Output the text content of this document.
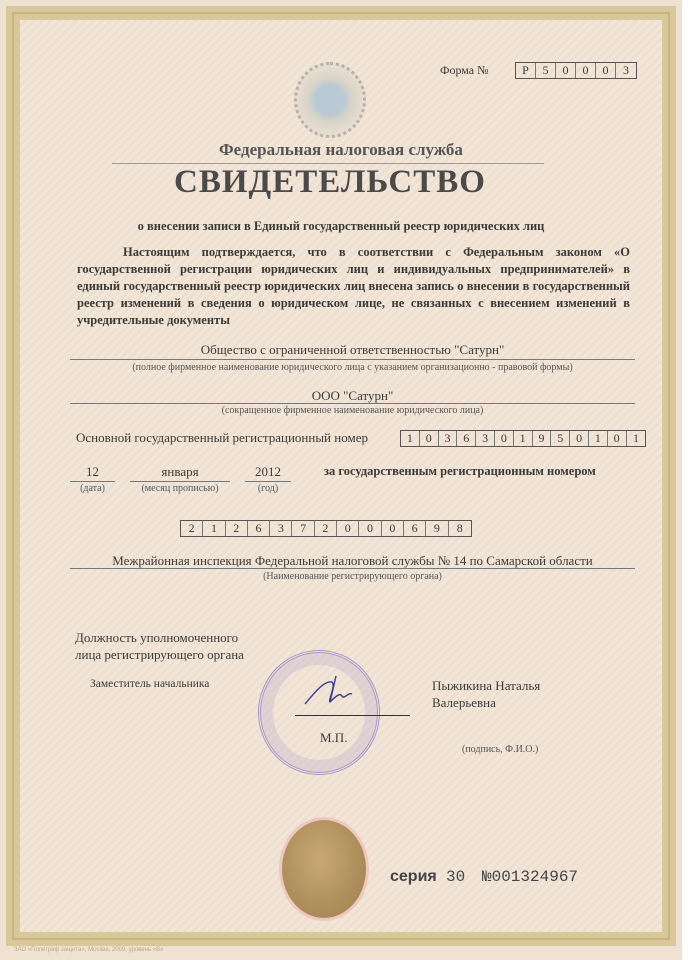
Форма №	Р	5	0	0	0	3
Федеральная налоговая служба
СВИДЕТЕЛЬСТВО
о внесении записи в Единый государственный реестр юридических лиц
Настоящим подтверждается, что в соответствии с Федеральным законом «О государственной регистрации юридических лиц и индивидуальных предпринимателей» в единый государственный реестр юридических лиц внесена запись о внесении в государственный реестр изменений в сведения о юридическом лице, не связанных с внесением изменений в учредительные документы
Общество с ограниченной ответственностью "Сатурн"
(полное фирменное наименование юридического лица с указанием организационно - правовой формы)
ООО "Сатурн"
(сокращенное фирменное наименование юридического лица)
Основной государственный регистрационный номер	1	0	3	6	3	0	1	9	5	0	1	0	1
12
(дата)
января
(месяц прописью)
2012
(год)
за государственным регистрационным номером
2	1	2	6	3	7	2	0	0	0	6	9	8
Межрайонная инспекция Федеральной налоговой службы № 14 по Самарской области
(Наименование регистрирующего органа)
Должность уполномоченного
лица регистрирующего органа
Заместитель начальника
М.П.
Пыжикина Наталья
Валерьевна
(подпись, Ф.И.О.)
серия 30 №001324967
ЗАО «Полиграф защита», Москва, 2009, уровень «В»
